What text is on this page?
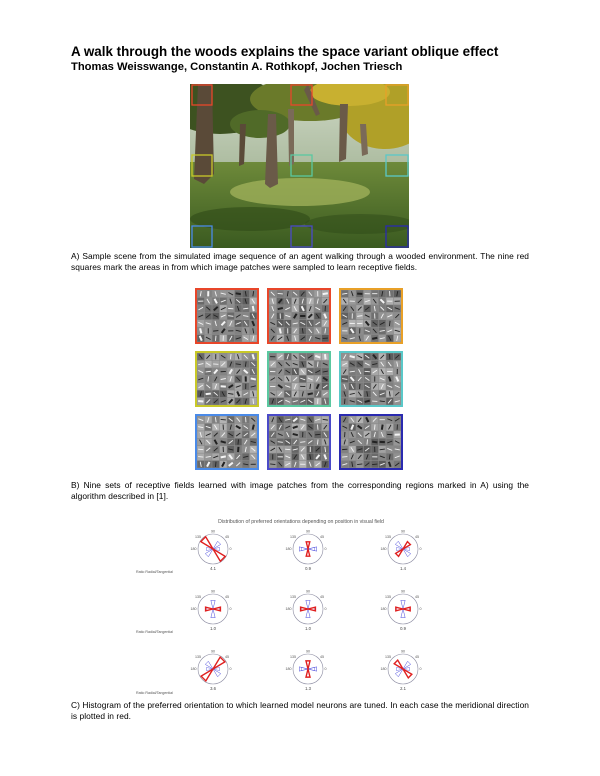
A walk through the woods explains the space variant oblique effect
Thomas Weisswange, Constantin A. Rothkopf, Jochen Triesch
A) Sample scene from the simulated image sequence of an agent walking through a wooded environment. The nine red squares mark the areas in from which image patches were sampled to learn receptive fields.
B) Nine sets of receptive fields learned with image patches from the corresponding regions marked in A) using the algorithm described in [1].
Distribution of preferred orientations depending on position in visual field
Ratio Radial/Tangential
Ratio Radial/Tangential
Ratio Radial/Tangential
90
45
0
135
180
4.1
90
45
0
135
180
0.9
90
45
0
135
180
1.4
90
45
0
135
180
1.0
90
45
0
135
180
1.0
90
45
0
135
180
0.9
90
45
0
135
180
3.6
90
45
0
135
180
1.3
90
45
0
135
180
2.1
C) Histogram of the preferred orientation to which learned model neurons are tuned. In each case the meridional direction is plotted in red.
